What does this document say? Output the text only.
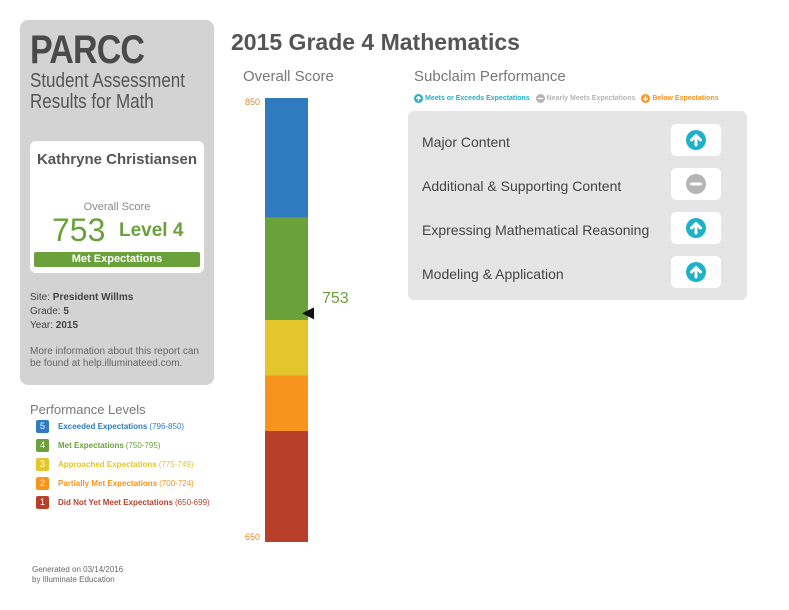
PARCC
Student Assessment Results for Math
Kathryne Christiansen
Overall Score
753 Level 4
Met Expectations
Site: President Willms
Grade: 5
Year: 2015
More information about this report can be found at help.illuminateed.com.
Performance Levels
5	Exceeded Expectations (796-850)
4	Met Expectations (750-795)
3	Approached Expectations (775-749)
2	Partially Met Expectations (700-724)
1	Did Not Yet Meet Expectations (650-699)
Generated on 03/14/2016
by Illuminate Education
2015 Grade 4 Mathematics
Overall Score
850
650
753
Subclaim Performance
Meets or Exceeds Expectations Nearly Meets Expectations Below Expectations
Major Content
Additional & Supporting Content
Expressing Mathematical Reasoning
Modeling & Application
